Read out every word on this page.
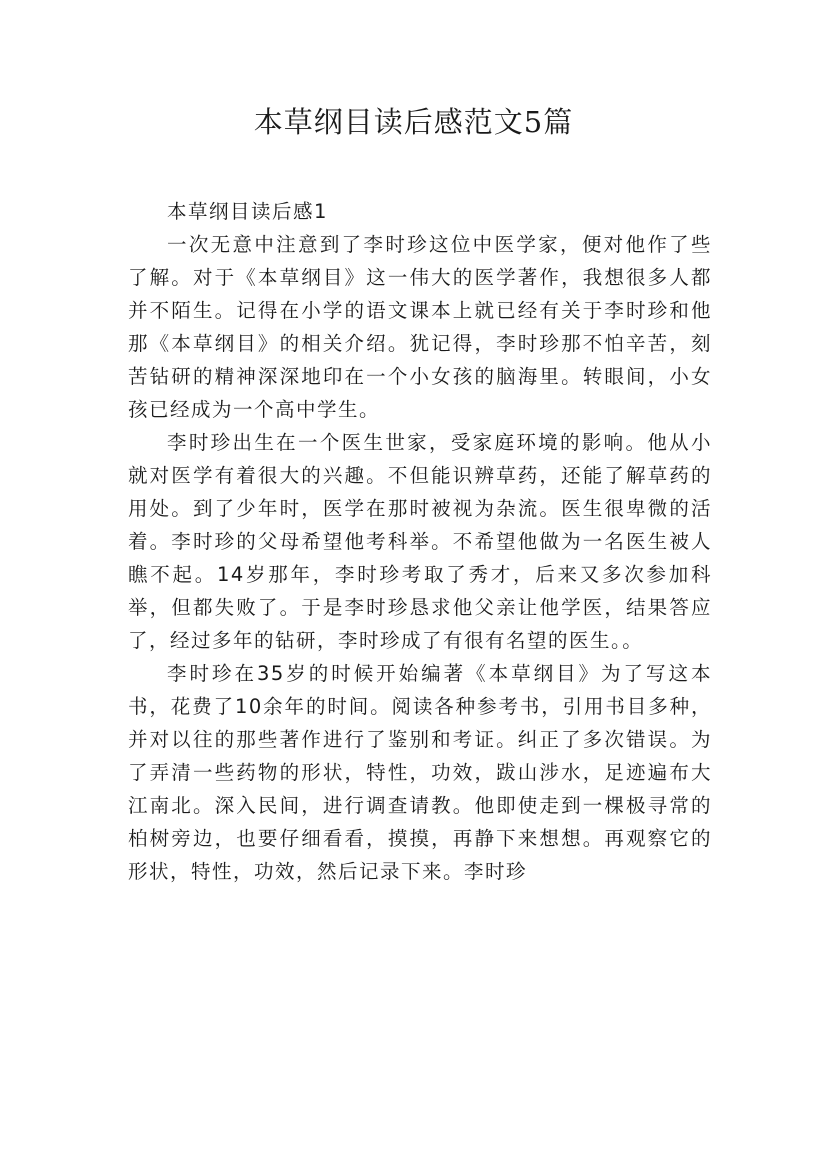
本草纲目读后感范文5篇

本草纲目读后感1

一次无意中注意到了李时珍这位中医学家，便对他作了些了解。对于《本草纲目》这一伟大的医学著作，我想很多人都并不陌生。记得在小学的语文课本上就已经有关于李时珍和他那《本草纲目》的相关介绍。犹记得，李时珍那不怕辛苦，刻苦钻研的精神深深地印在一个小女孩的脑海里。转眼间，小女孩已经成为一个高中学生。

李时珍出生在一个医生世家，受家庭环境的影响。他从小就对医学有着很大的兴趣。不但能识辨草药，还能了解草药的用处。到了少年时，医学在那时被视为杂流。医生很卑微的活着。李时珍的父母希望他考科举。不希望他做为一名医生被人瞧不起。14岁那年，李时珍考取了秀才，后来又多次参加科举，但都失败了。于是李时珍恳求他父亲让他学医，结果答应了，经过多年的钻研，李时珍成了有很有名望的医生。。

李时珍在35岁的时候开始编著《本草纲目》为了写这本书，花费了10余年的时间。阅读各种参考书，引用书目多种，并对以往的那些著作进行了鉴别和考证。纠正了多次错误。为了弄清一些药物的形状，特性，功效，跋山涉水，足迹遍布大江南北。深入民间，进行调查请教。他即使走到一棵极寻常的柏树旁边，也要仔细看看，摸摸，再静下来想想。再观察它的形状，特性，功效，然后记录下来。李时珍
